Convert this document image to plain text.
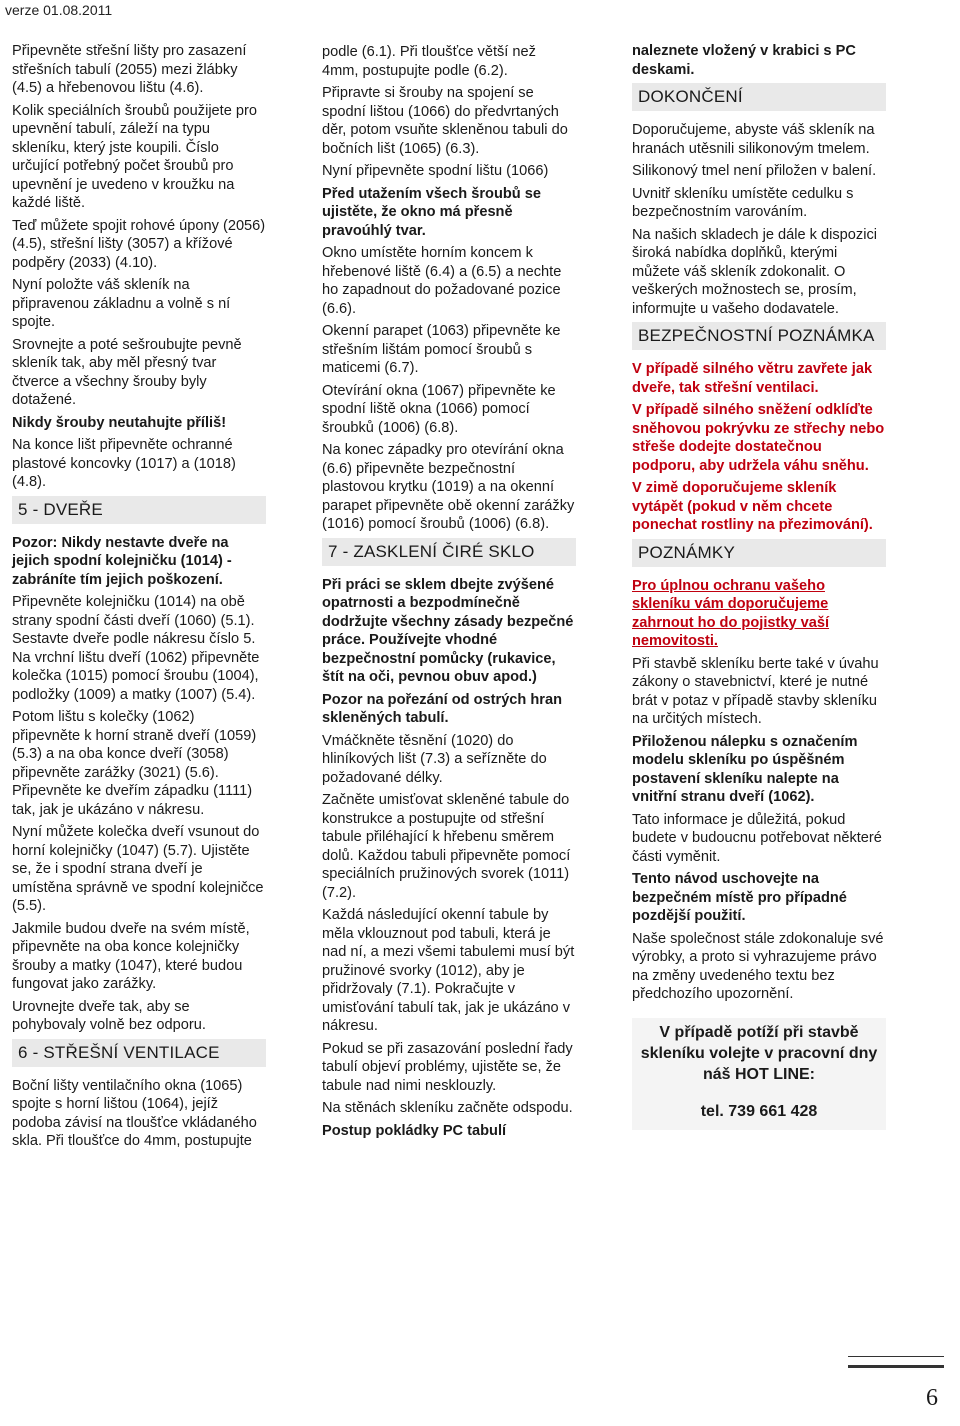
verze 01.08.2011

Připevněte střešní lišty pro zasazení střešních tabulí (2055) mezi žlábky (4.5) a hřebenovou lištu (4.6).

Kolik speciálních šroubů použijete pro upevnění tabulí, záleží na typu skleníku, který jste koupili. Číslo určující potřebný počet šroubů pro upevnění je uvedeno v kroužku na každé liště.

Teď můžete spojit rohové úpony (2056) (4.5), střešní lišty (3057) a křížové podpěry (2033) (4.10).

Nyní položte váš skleník na připravenou základnu a volně s ní spojte.

Srovnejte a poté sešroubujte pevně skleník tak, aby měl přesný tvar čtverce a všechny šrouby byly dotažené.

Nikdy šrouby neutahujte příliš!

Na konce lišt připevněte ochranné plastové koncovky (1017) a (1018) (4.8).

5 - DVEŘE

Pozor: Nikdy nestavte dveře na jejich spodní kolejničku (1014) - zabráníte tím jejich poškození.

Připevněte kolejničku (1014) na obě strany spodní části dveří (1060) (5.1). Sestavte dveře podle nákresu číslo 5. Na vrchní lištu dveří (1062) připevněte kolečka (1015) pomocí šroubu (1004), podložky (1009) a matky (1007) (5.4).

Potom lištu s kolečky (1062) připevněte k horní straně dveří (1059) (5.3) a na oba konce dveří (3058) připevněte zarážky (3021) (5.6). Připevněte ke dveřím západku (1111) tak, jak je ukázáno v nákresu.

Nyní můžete kolečka dveří vsunout do horní kolejničky (1047) (5.7). Ujistěte se, že i spodní strana dveří je umístěna správně ve spodní kolejničce (5.5).

Jakmile budou dveře na svém místě, připevněte na oba konce kolejničky šrouby a matky (1047), které budou fungovat jako zarážky.

Urovnejte dveře tak, aby se pohybovaly volně bez odporu.

6 - STŘEŠNÍ VENTILACE

Boční lišty ventilačního okna (1065) spojte s horní lištou (1064), jejíž podoba závisí na tloušťce vkládaného skla. Při tloušťce do 4mm, postupujte

podle (6.1). Při tloušťce větší než 4mm, postupujte podle (6.2).

Připravte si šrouby na spojení se spodní lištou (1066) do předvrtaných děr, potom vsuňte skleněnou tabuli do bočních lišt (1065) (6.3).

Nyní připevněte spodní lištu (1066)

Před utažením všech šroubů se ujistěte, že okno má přesně pravoúhlý tvar.

Okno umístěte horním koncem k hřebenové liště (6.4) a (6.5) a nechte ho zapadnout do požadované pozice (6.6).

Okenní parapet (1063) připevněte ke střešním lištám pomocí šroubů s maticemi (6.7).

Otevírání okna (1067) připevněte ke spodní liště okna (1066) pomocí šroubků (1006) (6.8).

Na konec západky pro otevírání okna (6.6) připevněte bezpečnostní plastovou krytku (1019) a na okenní parapet připevněte obě okenní zarážky (1016) pomocí šroubů (1006) (6.8).

7 - ZASKLENÍ ČIRÉ SKLO

Při práci se sklem dbejte zvýšené opatrnosti a bezpodmínečně dodržujte všechny zásady bezpečné práce. Používejte vhodné bezpečnostní pomůcky (rukavice, štít na oči, pevnou obuv apod.)

Pozor na pořezání od ostrých hran skleněných tabulí.

Vmáčkněte těsnění (1020) do hliníkových lišt (7.3) a seřízněte do požadované délky.

Začněte umisťovat skleněné tabule do konstrukce a postupujte od střešní tabule přiléhající k hřebenu směrem dolů. Každou tabuli připevněte pomocí speciálních pružinových svorek (1011) (7.2).

Každá následující okenní tabule by měla vklouznout pod tabuli, která je nad ní, a mezi všemi tabulemi musí být pružinové svorky (1012), aby je přidržovaly (7.1). Pokračujte v umisťování tabulí tak, jak je ukázáno v nákresu.

Pokud se při zasazování poslední řady tabulí objeví problémy, ujistěte se, že tabule nad nimi nesklouzly.

Na stěnách skleníku začněte odspodu.

Postup pokládky PC tabulí

naleznete vložený v krabici s PC deskami.

DOKONČENÍ

Doporučujeme, abyste váš skleník na hranách utěsnili silikonovým tmelem.

Silikonový tmel není přiložen v balení.

Uvnitř skleníku umístěte cedulku s bezpečnostním varováním.

Na našich skladech je dále k dispozici široká nabídka doplňků, kterými můžete váš skleník zdokonalit. O veškerých možnostech se, prosím, informujte u vašeho dodavatele.

BEZPEČNOSTNÍ POZNÁMKA

V případě silného větru zavřete jak dveře, tak střešní ventilaci.

V případě silného sněžení odklíďte sněhovou pokrývku ze střechy nebo střeše dodejte dostatečnou podporu, aby udržela váhu sněhu.

V zimě doporučujeme skleník vytápět (pokud v něm chcete ponechat rostliny na přezimování).

POZNÁMKY

Pro úplnou ochranu vašeho skleníku vám doporučujeme zahrnout ho do pojistky vaší nemovitosti.

Při stavbě skleníku berte také v úvahu zákony o stavebnictví, které je nutné brát v potaz v případě stavby skleníku na určitých místech.

Přiloženou nálepku s označením modelu skleníku po úspěšném postavení skleníku nalepte na vnitřní stranu dveří (1062).

Tato informace je důležitá, pokud budete v budoucnu potřebovat některé části vyměnit.

Tento návod uschovejte na bezpečném místě pro případné pozdější použití.

Naše společnost stále zdokonaluje své výrobky, a proto si vyhrazujeme právo na změny uvedeného textu bez předchozího upozornění.

V případě potíží při stavbě skleníku volejte v pracovní dny náš HOT LINE:
tel. 739 661 428
6
